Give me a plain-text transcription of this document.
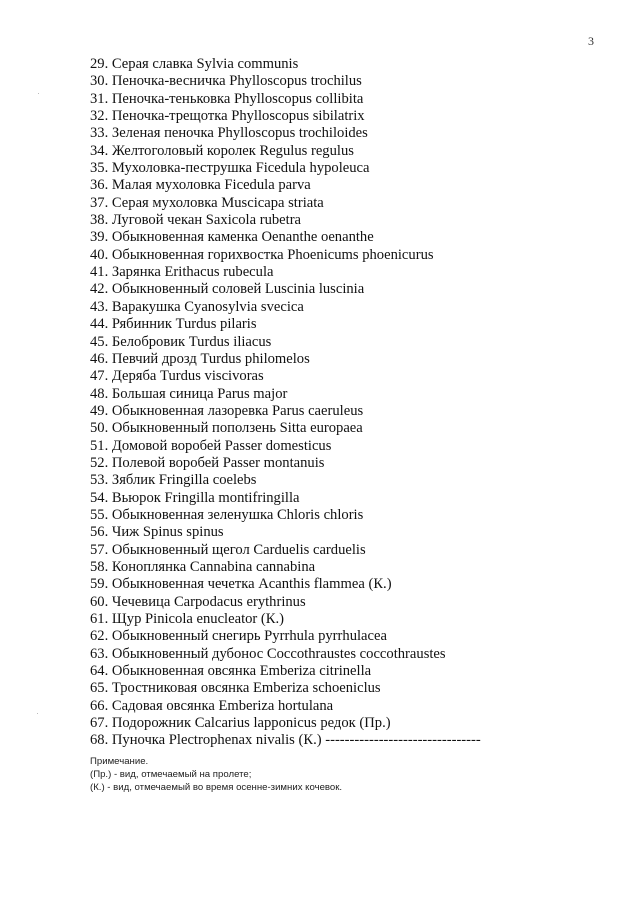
3
29. Серая славка Sylvia communis
30. Пеночка-весничка Phylloscopus trochilus
31. Пеночка-теньковка Phylloscopus collibita
32. Пеночка-трещотка Phylloscopus sibilatrix
33. Зеленая пеночка Phylloscopus trochiloides
34. Желтоголовый королек Regulus regulus
35. Мухоловка-пеструшка Ficedula hypoleuca
36. Малая мухоловка Ficedula parva
37. Серая мухоловка Muscicapa striata
38. Луговой чекан Saxicola rubetra
39. Обыкновенная каменка Oenanthe oenanthe
40. Обыкновенная горихвостка Phoenicums phoenicurus
41. Зарянка Erithacus rubecula
42. Обыкновенный соловей Luscinia luscinia
43. Варакушка Cyanosylvia svecica
44. Рябинник Turdus pilaris
45. Белобровик Turdus iliacus
46. Певчий дрозд Turdus philomelos
47. Деряба Turdus viscivoras
48. Большая синица Parus major
49. Обыкновенная лазоревка Parus caeruleus
50. Обыкновенный поползень Sitta europaea
51. Домовой воробей Passer domesticus
52. Полевой воробей Passer montanuis
53. Зяблик Fringilla coelebs
54. Вьюрок Fringilla montifringilla
55. Обыкновенная зеленушка Chloris chloris
56. Чиж Spinus spinus
57. Обыкновенный щегол Carduelis carduelis
58. Коноплянка Cannabina cannabina
59. Обыкновенная чечетка Acanthis flammea (К.)
60. Чечевица Carpodacus erythrinus
61. Щур Pinicola enucleator (К.)
62. Обыкновенный снегирь Pyrrhula pyrrhulacea
63. Обыкновенный дубонос Coccothraustes coccothraustes
64. Обыкновенная овсянка Emberiza citrinella
65. Тростниковая овсянка Emberiza schoeniclus
66. Садовая овсянка Emberiza hortulana
67. Подорожник Calcarius lapponicus редок (Пр.)
68. Пуночка Plectrophenax nivalis (К.) --------------------------------
Примечание.
(Пр.) - вид, отмечаемый на пролете;
(К.) - вид, отмечаемый во время осенне-зимних кочевок.
